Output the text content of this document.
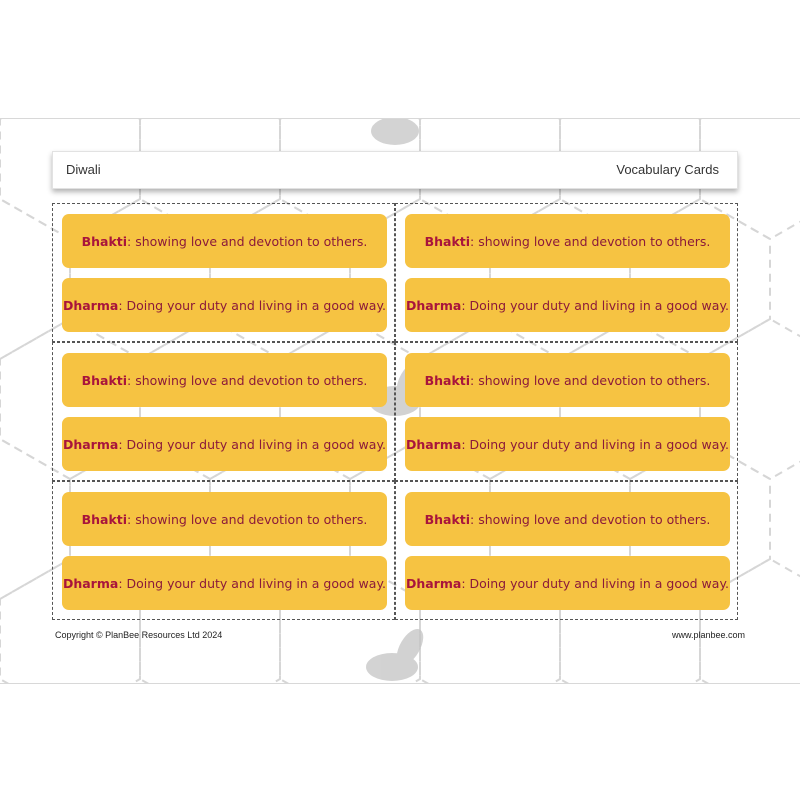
Diwali	Vocabulary Cards
Bhakti : showing love and devotion to others.
Dharma : Doing your duty and living in a good way.
Bhakti : showing love and devotion to others.
Dharma : Doing your duty and living in a good way.
Bhakti : showing love and devotion to others.
Dharma : Doing your duty and living in a good way.
Bhakti : showing love and devotion to others.
Dharma : Doing your duty and living in a good way.
Bhakti : showing love and devotion to others.
Dharma : Doing your duty and living in a good way.
Bhakti : showing love and devotion to others.
Dharma : Doing your duty and living in a good way.
Copyright © PlanBee Resources Ltd 2024	www.planbee.com
